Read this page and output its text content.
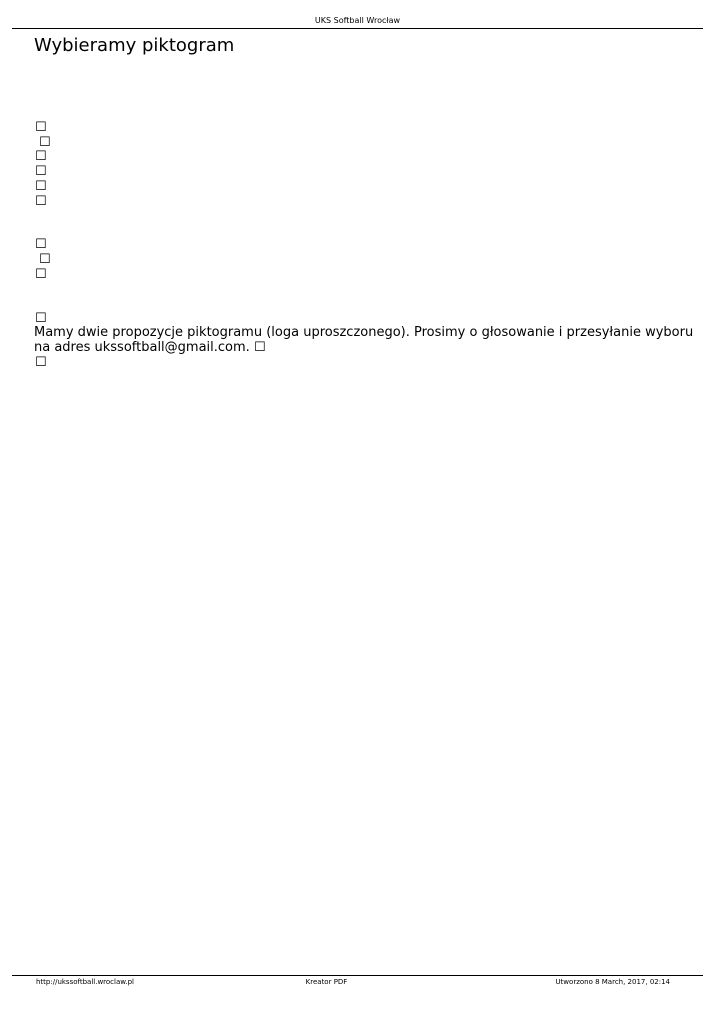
UKS Softball Wrocław
Wybieramy piktogram
☐
☐
☐
☐
☐
☐
☐
☐
☐
☐

Mamy dwie propozycje piktogramu (loga uproszczonego). Prosimy o głosowanie i przesyłanie wyboru na adres ukssoftball@gmail.com. ☐

☐
http://ukssoftball.wroclaw.pl	Kreator PDF	Utworzono 8 March, 2017, 02:14
